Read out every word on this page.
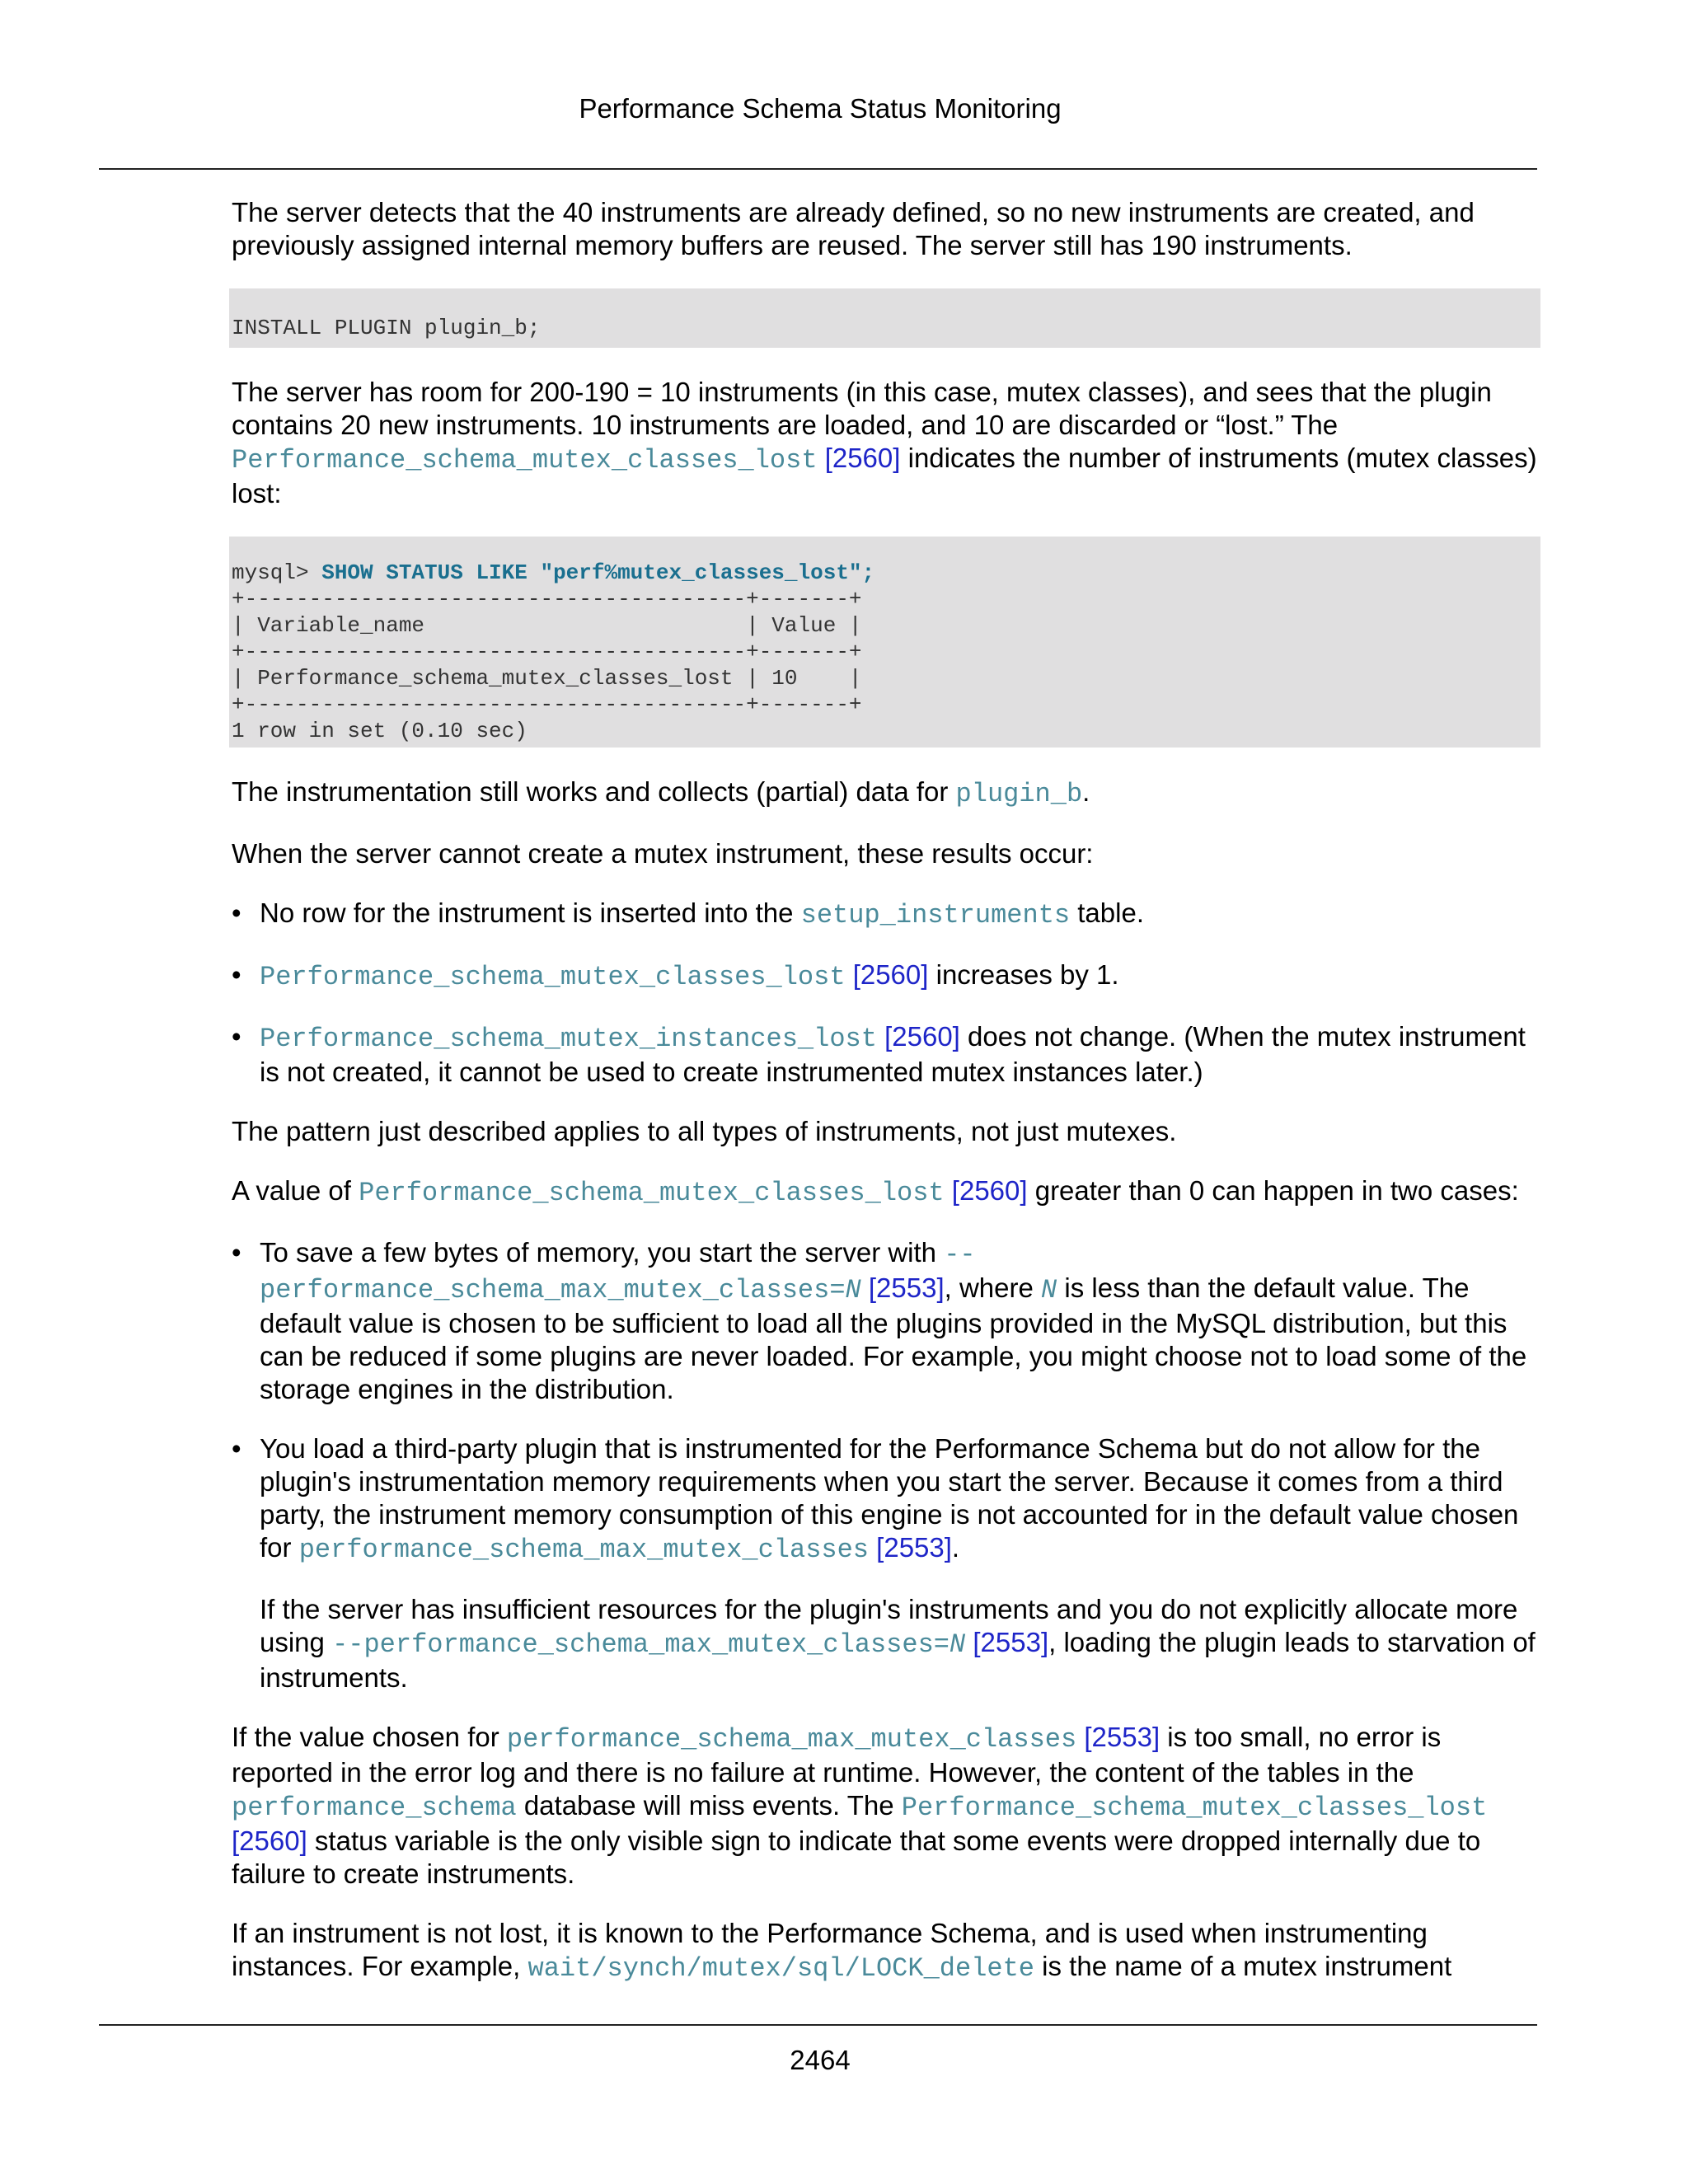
Performance Schema Status Monitoring

The server detects that the 40 instruments are already defined, so no new instruments are created, and previously assigned internal memory buffers are reused. The server still has 190 instruments.

INSTALL PLUGIN plugin_b;

The server has room for 200-190 = 10 instruments (in this case, mutex classes), and sees that the plugin contains 20 new instruments. 10 instruments are loaded, and 10 are discarded or “lost.” The Performance_schema_mutex_classes_lost [2560] indicates the number of instruments (mutex classes) lost:

mysql> SHOW STATUS LIKE "perf%mutex_classes_lost";
+---------------------------------------+-------+
| Variable_name                         | Value |
+---------------------------------------+-------+
| Performance_schema_mutex_classes_lost | 10    |
+---------------------------------------+-------+
1 row in set (0.10 sec)

The instrumentation still works and collects (partial) data for plugin_b.

When the server cannot create a mutex instrument, these results occur:

• No row for the instrument is inserted into the setup_instruments table.
• Performance_schema_mutex_classes_lost [2560] increases by 1.
• Performance_schema_mutex_instances_lost [2560] does not change. (When the mutex instrument is not created, it cannot be used to create instrumented mutex instances later.)

The pattern just described applies to all types of instruments, not just mutexes.

A value of Performance_schema_mutex_classes_lost [2560] greater than 0 can happen in two cases:

• To save a few bytes of memory, you start the server with --performance_schema_max_mutex_classes=N [2553], where N is less than the default value. The default value is chosen to be sufficient to load all the plugins provided in the MySQL distribution, but this can be reduced if some plugins are never loaded. For example, you might choose not to load some of the storage engines in the distribution.

• You load a third-party plugin that is instrumented for the Performance Schema but do not allow for the plugin's instrumentation memory requirements when you start the server. Because it comes from a third party, the instrument memory consumption of this engine is not accounted for in the default value chosen for performance_schema_max_mutex_classes [2553].

If the server has insufficient resources for the plugin's instruments and you do not explicitly allocate more using --performance_schema_max_mutex_classes=N [2553], loading the plugin leads to starvation of instruments.

If the value chosen for performance_schema_max_mutex_classes [2553] is too small, no error is reported in the error log and there is no failure at runtime. However, the content of the tables in the performance_schema database will miss events. The Performance_schema_mutex_classes_lost [2560] status variable is the only visible sign to indicate that some events were dropped internally due to failure to create instruments.

If an instrument is not lost, it is known to the Performance Schema, and is used when instrumenting instances. For example, wait/synch/mutex/sql/LOCK_delete is the name of a mutex instrument

2464
